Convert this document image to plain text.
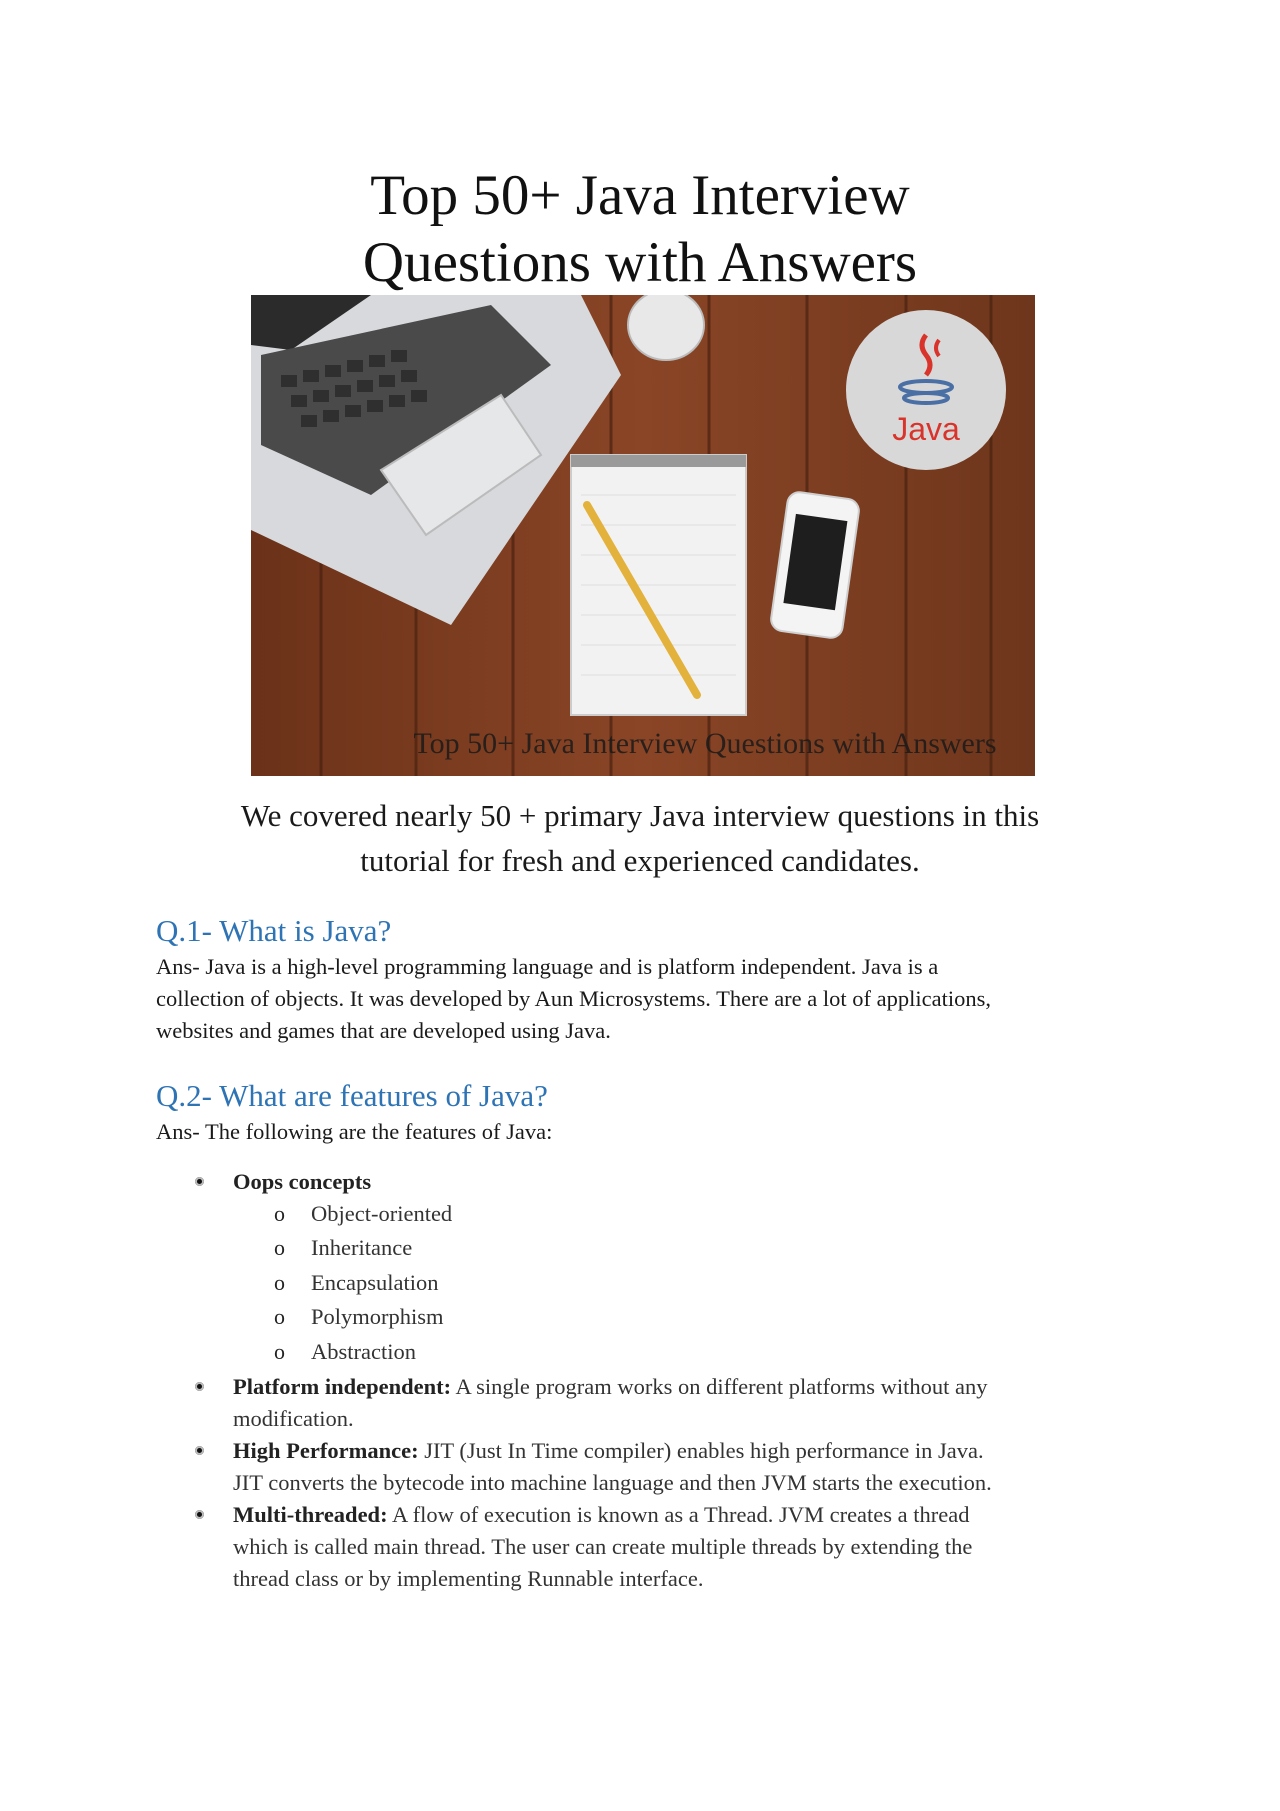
Top 50+ Java Interview
Questions with Answers
Java
Top 50+ Java Interview Questions with Answers
We covered nearly 50 + primary Java interview questions in this
tutorial for fresh and experienced candidates.
Q.1- What is Java?

Ans- Java is a high-level programming language and is platform independent. Java is a
collection of objects. It was developed by Aun Microsystems. There are a lot of applications,
websites and games that are developed using Java.

Q.2- What are features of Java?

Ans- The following are the features of Java:

Oops concepts
o Object-oriented
o Inheritance
o Encapsulation
o Polymorphism
o Abstraction
Platform independent: A single program works on different platforms without any
modification.
High Performance: JIT (Just In Time compiler) enables high performance in Java.
JIT converts the bytecode into machine language and then JVM starts the execution.
Multi-threaded: A flow of execution is known as a Thread. JVM creates a thread
which is called main thread. The user can create multiple threads by extending the
thread class or by implementing Runnable interface.
